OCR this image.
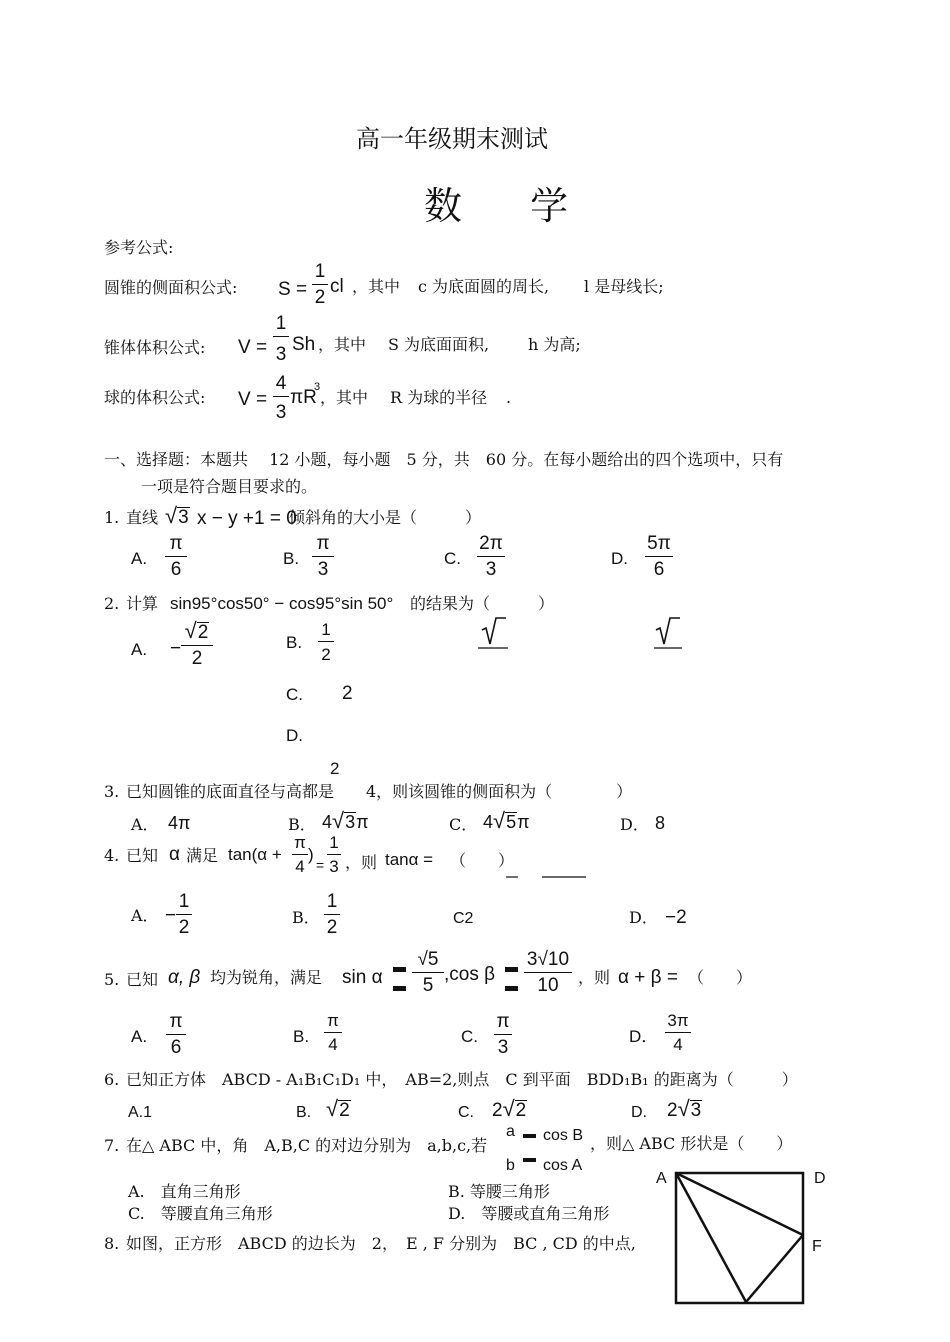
高一年级期末测试
数 学
参考公式:
圆锥的侧面积公式: S =
1
2
cl ，其中 c 为底面圆的周长, l 是母线长;
锥体体积公式: V =
1
3 Sh ，其中 S 为底面面积, h 为高;
球的体积公式: V =
4
3
πR
3
，其中 R 为球的半径 .
一、选择题：本题共　 12 小题，每小题　5 分，共　60 分。在每小题给出的四个选项中，只有
一项是符合题目要求的。
1. 直线 √3 x − y +1 = 0
倾斜角的大小是（　　　）
A.
π
6
B.
π
3
C.
2π
3
D.
5π
6
2. 计算 sin95°cos50° − cos95°sin 50° 的结果为（　　　）
A. −
√2
2
B.
1
2
C. 2
D.
2
3. 已知圆锥的底面直径与高都是　　4，则该圆锥的侧面积为（　　　　）
A． 4π	B． 4√3π	C． 4√5π	D． 8
4. 已知 α 满足 tan(α +
π
4
)
=
1
3 ，则 tanα = （　　）
A． −
1
2	B．
1
2	C2	D． −2
5. 已知 α, β 均为锐角，满足 sin α
√5
5
,cos β
3√10
10	，则 α + β = （　　）
A.
π
6
B.
π
4	C.
π
3
D．
3π
4
6. 已知正方体　ABCD - A₁B₁C₁D₁ 中，　AB=2,则点　C 到平面　BDD₁B₁ 的距离为（　　　）
A.1	B. √2	C. 2√2	D. 2√3
7. 在△ ABC 中，角　A,B,C 的对边分别为　a,b,c,若
a
b
cos B
cos A
，则△ ABC 形状是（　　）
A.　直角三角形	B. 等腰三角形
C.　等腰直角三角形	D.　等腰或直角三角形
8. 如图，正方形　ABCD 的边长为　2，　E , F 分别为　BC , CD 的中点,
A	D
F
